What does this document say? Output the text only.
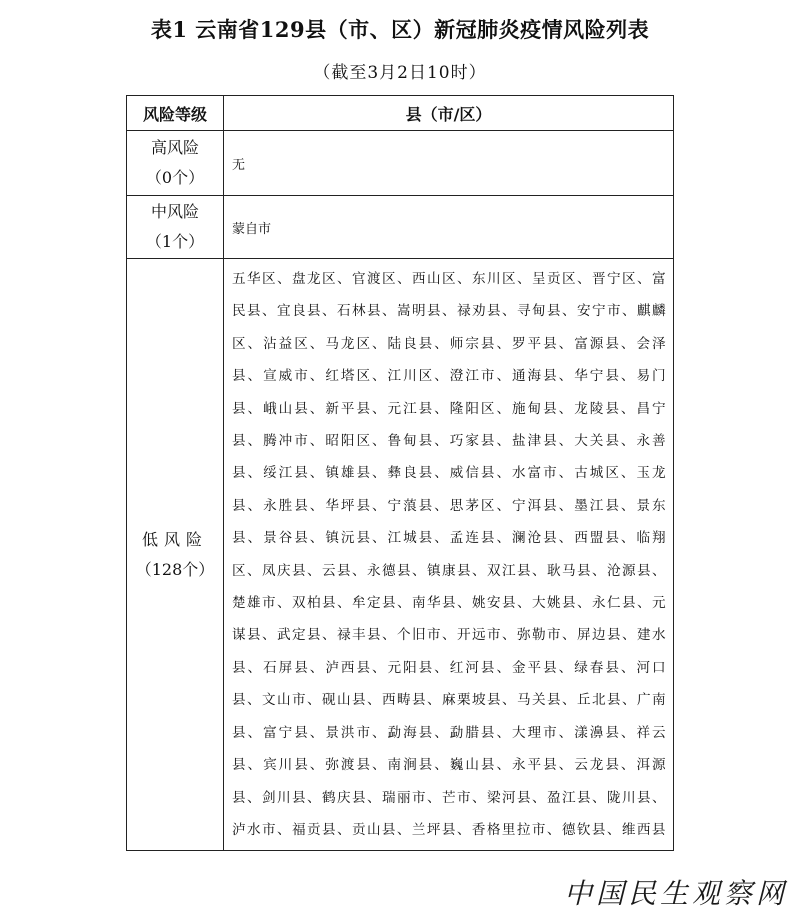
表1 云南省129县（市、区）新冠肺炎疫情风险列表
（截至3月2日10时）
风险等级	县（市/区）

高风险
（0个）	无

中风险
（1个）	蒙自市
低风险
（128个）	五华区、盘龙区、官渡区、西山区、东川区、呈贡区、晋宁区、富民县、宜良县、石林县、嵩明县、禄劝县、寻甸县、安宁市、麒麟区、沾益区、马龙区、陆良县、师宗县、罗平县、富源县、会泽县、宣威市、红塔区、江川区、澄江市、通海县、华宁县、易门县、峨山县、新平县、元江县、隆阳区、施甸县、龙陵县、昌宁县、腾冲市、昭阳区、鲁甸县、巧家县、盐津县、大关县、永善县、绥江县、镇雄县、彝良县、威信县、水富市、古城区、玉龙县、永胜县、华坪县、宁蒗县、思茅区、宁洱县、墨江县、景东县、景谷县、镇沅县、江城县、孟连县、澜沧县、西盟县、临翔区、凤庆县、云县、永德县、镇康县、双江县、耿马县、沧源县、楚雄市、双柏县、牟定县、南华县、姚安县、大姚县、永仁县、元谋县、武定县、禄丰县、个旧市、开远市、弥勒市、屏边县、建水县、石屏县、泸西县、元阳县、红河县、金平县、绿春县、河口县、文山市、砚山县、西畴县、麻栗坡县、马关县、丘北县、广南县、富宁县、景洪市、勐海县、勐腊县、大理市、漾濞县、祥云县、宾川县、弥渡县、南涧县、巍山县、永平县、云龙县、洱源县、剑川县、鹤庆县、瑞丽市、芒市、梁河县、盈江县、陇川县、泸水市、福贡县、贡山县、兰坪县、香格里拉市、德钦县、维西县
中国民生观察网
